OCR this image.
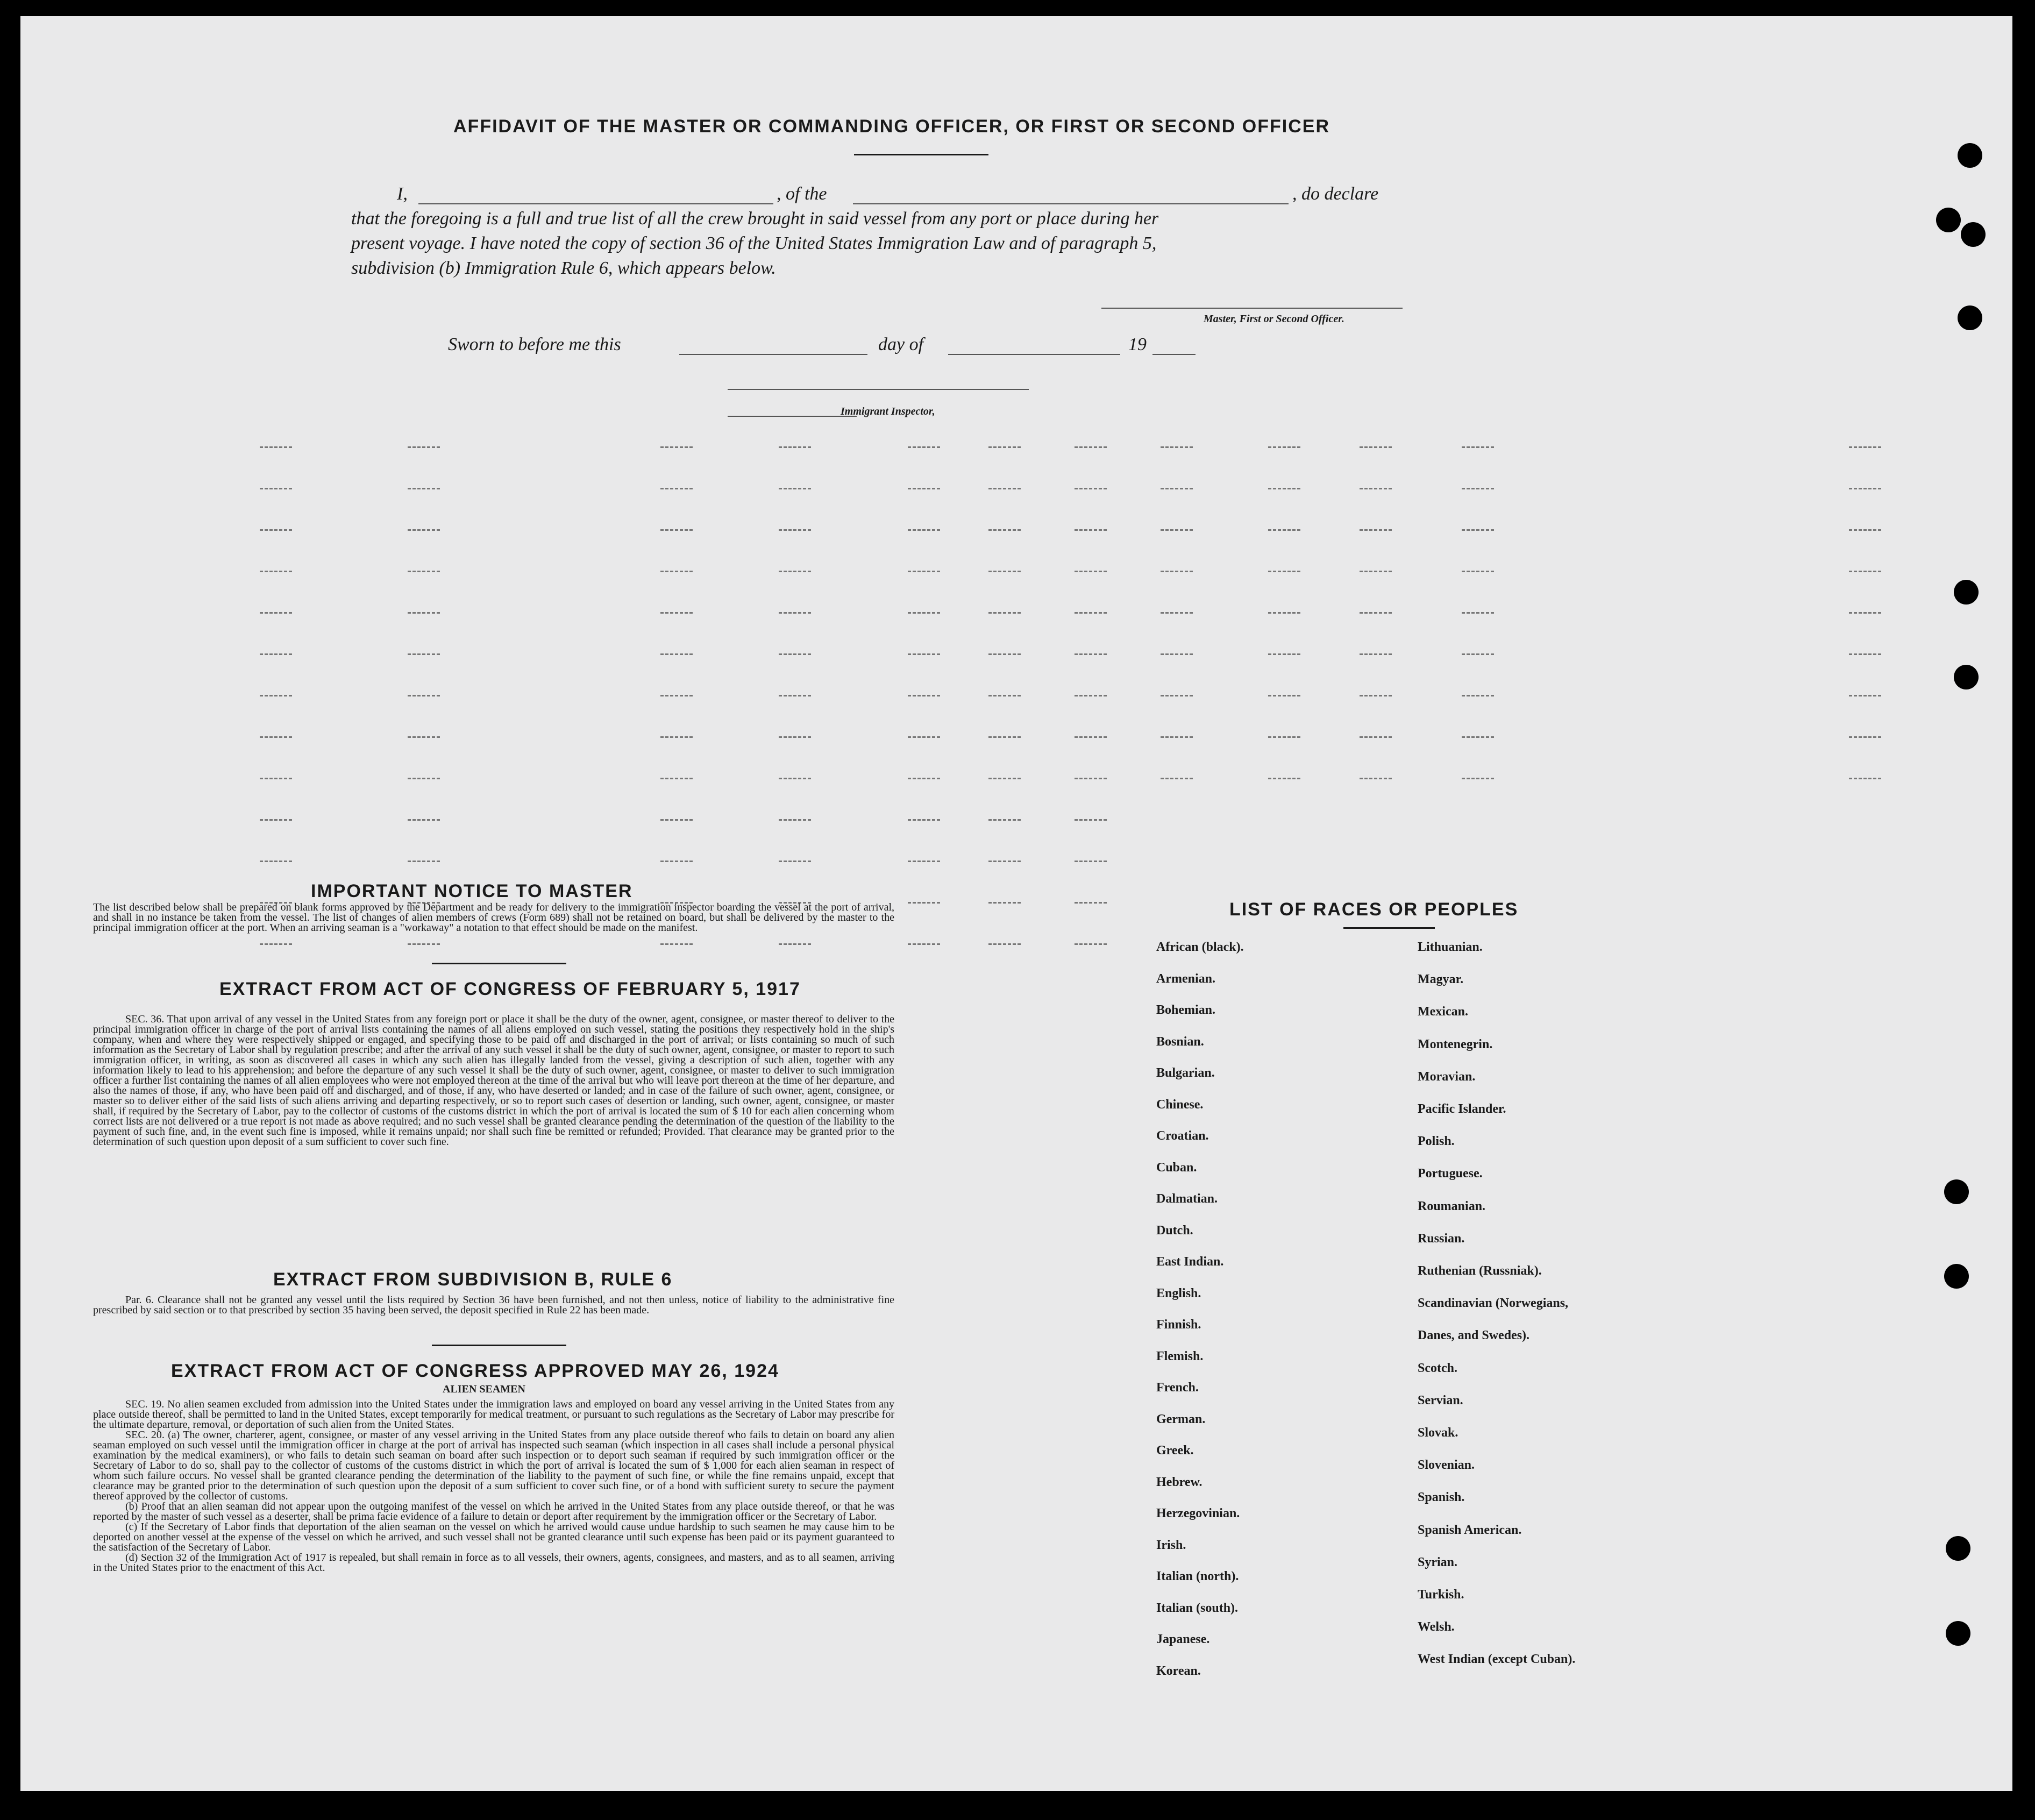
AFFIDAVIT OF THE MASTER OR COMMANDING OFFICER, OR FIRST OR SECOND OFFICER
I,	, of the	, do declare
that the foregoing is a full and true list of all the crew brought in said vessel from any port or place during her
present voyage. I have noted the copy of section 36 of the United States Immigration Law and of paragraph 5,
subdivision (b) Immigration Rule 6, which appears below.
Master, First or Second Officer.
Sworn to before me this	day of	19
Immigrant Inspector,
IMPORTANT NOTICE TO MASTER
The list described below shall be prepared on blank forms approved by the Department and be ready for delivery to the immigration inspector boarding the vessel at the port of arrival, and shall in no instance be taken from the vessel. The list of changes of alien members of crews (Form 689) shall not be retained on board, but shall be delivered by the master to the principal immigration officer at the port. When an arriving seaman is a "workaway" a notation to that effect should be made on the manifest.
EXTRACT FROM ACT OF CONGRESS OF FEBRUARY 5, 1917
SEC. 36. That upon arrival of any vessel in the United States from any foreign port or place it shall be the duty of the owner, agent, consignee, or master thereof to deliver to the principal immigration officer in charge of the port of arrival lists containing the names of all aliens employed on such vessel, stating the positions they respectively hold in the ship's company, when and where they were respectively shipped or engaged, and specifying those to be paid off and discharged in the port of arrival; or lists containing so much of such information as the Secretary of Labor shall by regulation prescribe; and after the arrival of any such vessel it shall be the duty of such owner, agent, consignee, or master to report to such immigration officer, in writing, as soon as discovered all cases in which any such alien has illegally landed from the vessel, giving a description of such alien, together with any information likely to lead to his apprehension; and before the departure of any such vessel it shall be the duty of such owner, agent, consignee, or master to deliver to such immigration officer a further list containing the names of all alien employees who were not employed thereon at the time of the arrival but who will leave port thereon at the time of her departure, and also the names of those, if any, who have been paid off and discharged, and of those, if any, who have deserted or landed; and in case of the failure of such owner, agent, consignee, or master so to deliver either of the said lists of such aliens arriving and departing respectively, or so to report such cases of desertion or landing, such owner, agent, consignee, or master shall, if required by the Secretary of Labor, pay to the collector of customs of the customs district in which the port of arrival is located the sum of $ 10 for each alien concerning whom correct lists are not delivered or a true report is not made as above required; and no such vessel shall be granted clearance pending the determination of the question of the liability to the payment of such fine, and, in the event such fine is imposed, while it remains unpaid; nor shall such fine be remitted or refunded; Provided. That clearance may be granted prior to the determination of such question upon deposit of a sum sufficient to cover such fine.
EXTRACT FROM SUBDIVISION B, RULE 6
Par. 6. Clearance shall not be granted any vessel until the lists required by Section 36 have been furnished, and not then unless, notice of liability to the administrative fine prescribed by said section or to that prescribed by section 35 having been served, the deposit specified in Rule 22 has been made.
EXTRACT FROM ACT OF CONGRESS APPROVED MAY 26, 1924
ALIEN SEAMEN
SEC. 19. No alien seamen excluded from admission into the United States under the immigration laws and employed on board any vessel arriving in the United States from any place outside thereof, shall be permitted to land in the United States, except temporarily for medical treatment, or pursuant to such regulations as the Secretary of Labor may prescribe for the ultimate departure, removal, or deportation of such alien from the United States.
SEC. 20. (a) The owner, charterer, agent, consignee, or master of any vessel arriving in the United States from any place outside thereof who fails to detain on board any alien seaman employed on such vessel until the immigration officer in charge at the port of arrival has inspected such seaman (which inspection in all cases shall include a personal physical examination by the medical examiners), or who fails to detain such seaman on board after such inspection or to deport such seaman if required by such immigration officer or the Secretary of Labor to do so, shall pay to the collector of customs of the customs district in which the port of arrival is located the sum of $ 1,000 for each alien seaman in respect of whom such failure occurs. No vessel shall be granted clearance pending the determination of the liability to the payment of such fine, or while the fine remains unpaid, except that clearance may be granted prior to the determination of such question upon the deposit of a sum sufficient to cover such fine, or of a bond with sufficient surety to secure the payment thereof approved by the collector of customs.
(b) Proof that an alien seaman did not appear upon the outgoing manifest of the vessel on which he arrived in the United States from any place outside thereof, or that he was reported by the master of such vessel as a deserter, shall be prima facie evidence of a failure to detain or deport after requirement by the immigration officer or the Secretary of Labor.
(c) If the Secretary of Labor finds that deportation of the alien seaman on the vessel on which he arrived would cause undue hardship to such seamen he may cause him to be deported on another vessel at the expense of the vessel on which he arrived, and such vessel shall not be granted clearance until such expense has been paid or its payment guaranteed to the satisfaction of the Secretary of Labor.
(d) Section 32 of the Immigration Act of 1917 is repealed, but shall remain in force as to all vessels, their owners, agents, consignees, and masters, and as to all seamen, arriving in the United States prior to the enactment of this Act.
LIST OF RACES OR PEOPLES
African (black).
Armenian.
Bohemian.
Bosnian.
Bulgarian.
Chinese.
Croatian.
Cuban.
Dalmatian.
Dutch.
East Indian.
English.
Finnish.
Flemish.
French.
German.
Greek.
Hebrew.
Herzegovinian.
Irish.
Italian (north).
Italian (south).
Japanese.
Korean.
Lithuanian.
Magyar.
Mexican.
Montenegrin.
Moravian.
Pacific Islander.
Polish.
Portuguese.
Roumanian.
Russian.
Ruthenian (Russniak).
Scandinavian (Norwegians,
Danes, and Swedes).
Scotch.
Servian.
Slovak.
Slovenian.
Spanish.
Spanish American.
Syrian.
Turkish.
Welsh.
West Indian (except Cuban).
